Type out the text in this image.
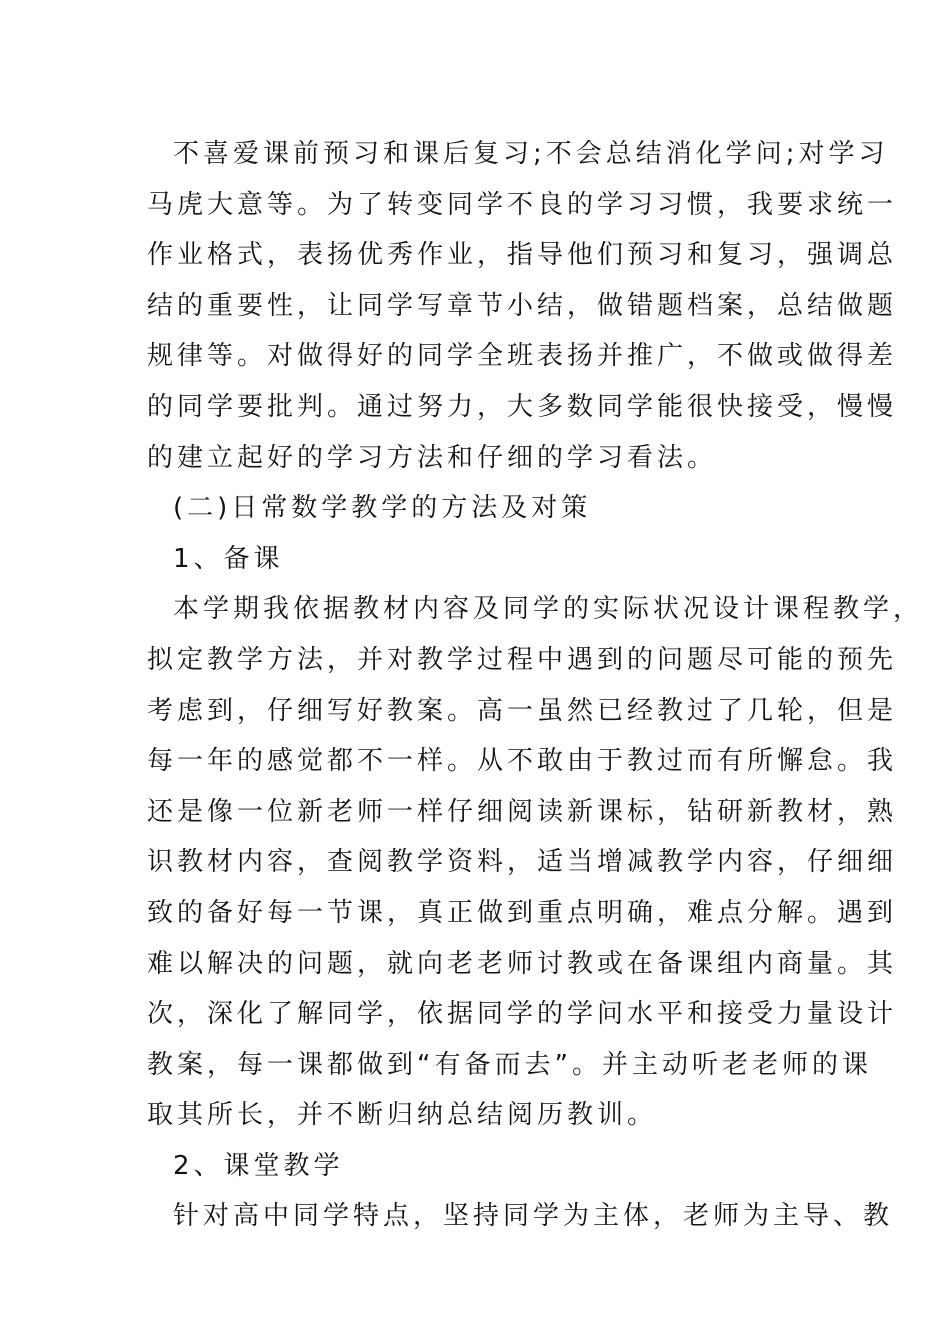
不喜爱课前预习和课后复习;不会总结消化学问;对学习

马虎大意等。为了转变同学不良的学习习惯，我要求统一

作业格式，表扬优秀作业，指导他们预习和复习，强调总

结的重要性，让同学写章节小结，做错题档案，总结做题

规律等。对做得好的同学全班表扬并推广，不做或做得差

的同学要批判。通过努力，大多数同学能很快接受，慢慢

的建立起好的学习方法和仔细的学习看法。

(二)日常数学教学的方法及对策

1、备课

本学期我依据教材内容及同学的实际状况设计课程教学，

拟定教学方法，并对教学过程中遇到的问题尽可能的预先

考虑到，仔细写好教案。高一虽然已经教过了几轮，但是

每一年的感觉都不一样。从不敢由于教过而有所懈怠。我

还是像一位新老师一样仔细阅读新课标，钻研新教材，熟

识教材内容，查阅教学资料，适当增减教学内容，仔细细

致的备好每一节课，真正做到重点明确，难点分解。遇到

难以解决的问题，就向老老师讨教或在备课组内商量。其

次，深化了解同学，依据同学的学问水平和接受力量设计

教案，每一课都做到“有备而去”。并主动听老老师的课

取其所长，并不断归纳总结阅历教训。

2、课堂教学

针对高中同学特点，坚持同学为主体，老师为主导、教
